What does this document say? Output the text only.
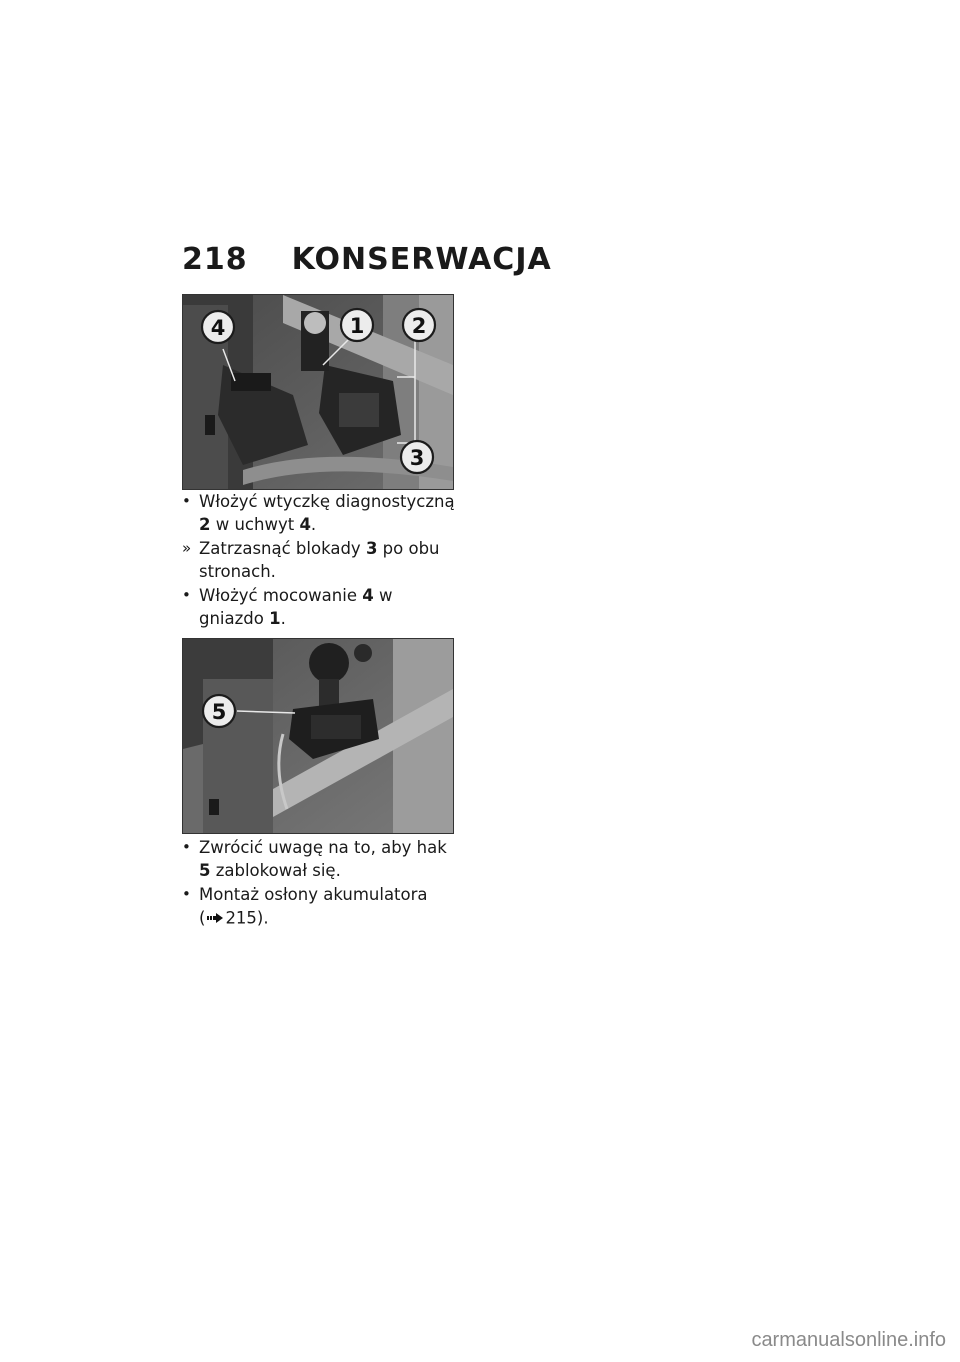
218 KONSERWACJA
4	1 2
3
• Włożyć wtyczkę diagnostyczną 2 w uchwyt 4.
» Zatrzasnąć blokady 3 po obu stronach.
• Włożyć mocowanie 4 w gniazdo 1.
5
• Zwrócić uwagę na to, aby hak 5 zablokował się.
• Montaż osłony akumulatora
( 215).
carmanualsonline.info
